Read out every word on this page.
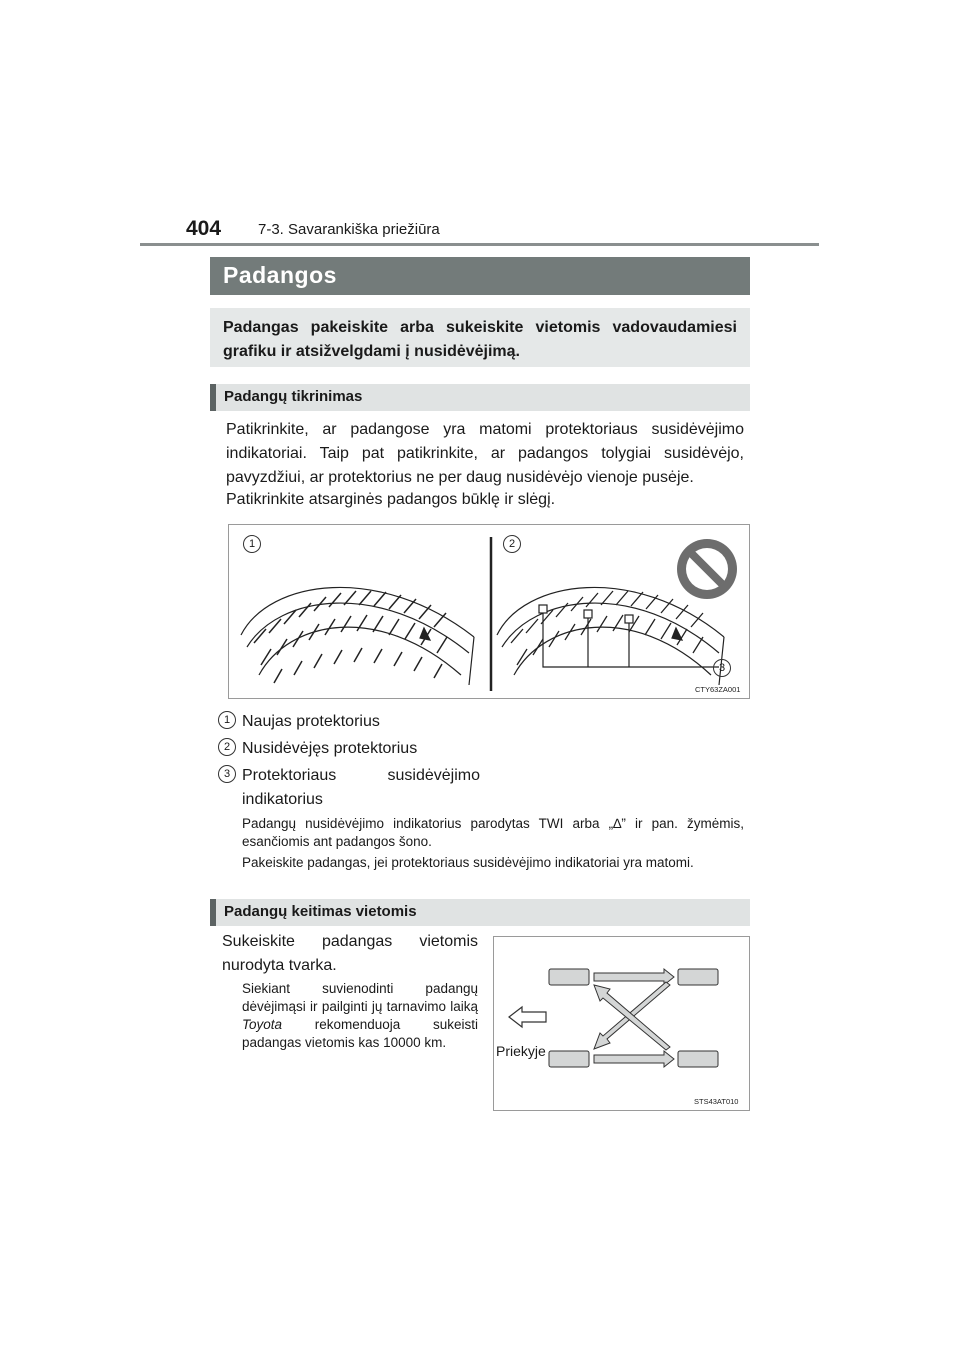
404 7-3. Savarankiška priežiūra
Padangos
Padangas pakeiskite arba sukeiskite vietomis vadovaudamiesi grafiku ir atsižvelgdami į nusidėvėjimą.
Padangų tikrinimas
Patikrinkite, ar padangose yra matomi protektoriaus susidėvėjimo indikatoriai. Taip pat patikrinkite, ar padangos tolygiai susidėvėjo, pavyzdžiui, ar protektorius ne per daug nusidėvėjo vienoje pusėje.
Patikrinkite atsarginės padangos būklę ir slėgį.
1	2
3
CTY63ZA001
1 Naujas protektorius
2 Nusidėvėjęs protektorius
3 Protektoriaus susidėvėjimo indikatorius
Padangų nusidėvėjimo indikatorius parodytas TWI arba „∆” ir pan. žymėmis, esančiomis ant padangos šono.
Pakeiskite padangas, jei protektoriaus susidėvėjimo indikatoriai yra matomi.
Padangų keitimas vietomis
Sukeiskite padangas vietomis nurodyta tvarka.
Siekiant suvienodinti padangų dėvėjimąsi ir pailginti jų tarnavimo laiką Toyota rekomenduoja sukeisti padangas vietomis kas 10000 km.
Priekyje
STS43AT010
